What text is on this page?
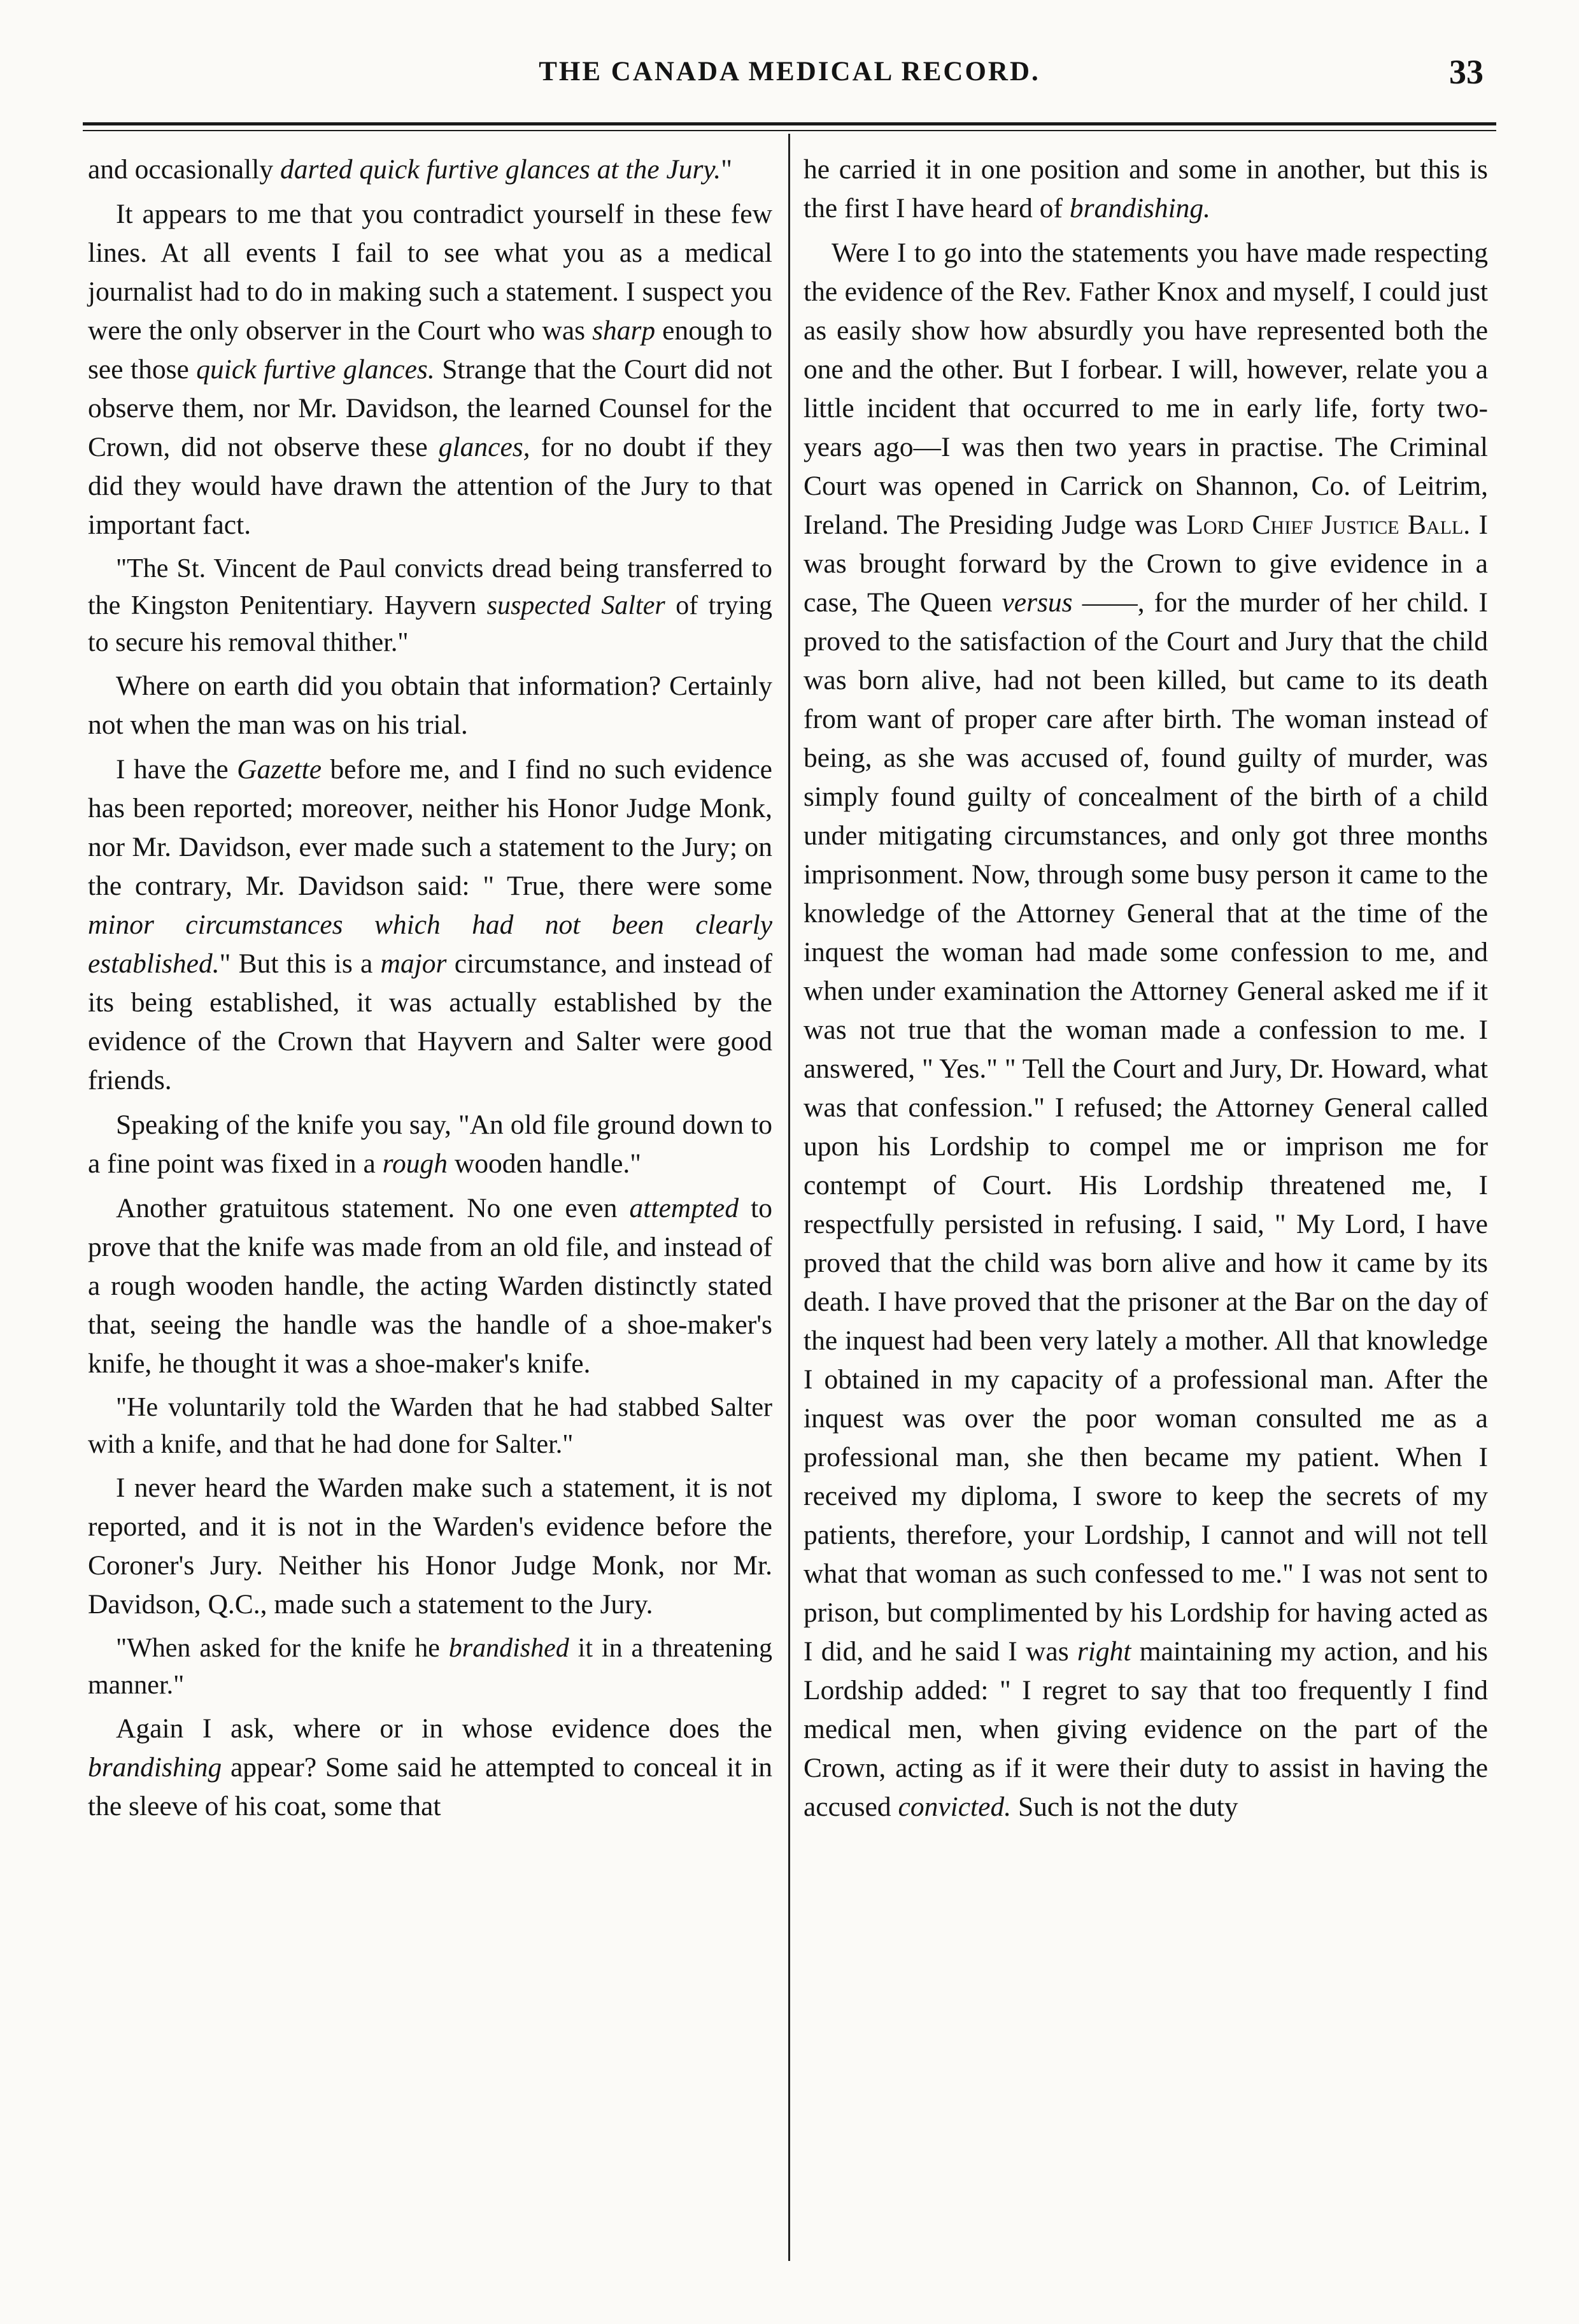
THE CANADA MEDICAL RECORD.	33

and occasionally darted quick furtive glances at the Jury."

It appears to me that you contradict yourself in these few lines. At all events I fail to see what you as a medical journalist had to do in making such a statement. I suspect you were the only observer in the Court who was sharp enough to see those quick furtive glances. Strange that the Court did not observe them, nor Mr. Davidson, the learned Counsel for the Crown, did not observe these glances, for no doubt if they did they would have drawn the attention of the Jury to that important fact.

"The St. Vincent de Paul convicts dread being transferred to the Kingston Penitentiary. Hayvern suspected Salter of trying to secure his removal thither."

Where on earth did you obtain that information? Certainly not when the man was on his trial.

I have the Gazette before me, and I find no such evidence has been reported; moreover, neither his Honor Judge Monk, nor Mr. Davidson, ever made such a statement to the Jury; on the contrary, Mr. Davidson said: " True, there were some minor circumstances which had not been clearly established." But this is a major circumstance, and instead of its being established, it was actually established by the evidence of the Crown that Hayvern and Salter were good friends.

Speaking of the knife you say, "An old file ground down to a fine point was fixed in a rough wooden handle."

Another gratuitous statement. No one even attempted to prove that the knife was made from an old file, and instead of a rough wooden handle, the acting Warden distinctly stated that, seeing the handle was the handle of a shoe-maker's knife, he thought it was a shoe-maker's knife.

"He voluntarily told the Warden that he had stabbed Salter with a knife, and that he had done for Salter."

I never heard the Warden make such a statement, it is not reported, and it is not in the Warden's evidence before the Coroner's Jury. Neither his Honor Judge Monk, nor Mr. Davidson, Q.C., made such a statement to the Jury.

"When asked for the knife he brandished it in a threatening manner."

Again I ask, where or in whose evidence does the brandishing appear? Some said he attempted to conceal it in the sleeve of his coat, some that

he carried it in one position and some in another, but this is the first I have heard of brandishing.

Were I to go into the statements you have made respecting the evidence of the Rev. Father Knox and myself, I could just as easily show how absurdly you have represented both the one and the other. But I forbear. I will, however, relate you a little incident that occurred to me in early life, forty two-years ago—I was then two years in practise. The Criminal Court was opened in Carrick on Shannon, Co. of Leitrim, Ireland. The Presiding Judge was Lord Chief Justice Ball. I was brought forward by the Crown to give evidence in a case, The Queen versus ——, for the murder of her child. I proved to the satisfaction of the Court and Jury that the child was born alive, had not been killed, but came to its death from want of proper care after birth. The woman instead of being, as she was accused of, found guilty of murder, was simply found guilty of concealment of the birth of a child under mitigating circumstances, and only got three months imprisonment. Now, through some busy person it came to the knowledge of the Attorney General that at the time of the inquest the woman had made some confession to me, and when under examination the Attorney General asked me if it was not true that the woman made a confession to me. I answered, " Yes." " Tell the Court and Jury, Dr. Howard, what was that confession." I refused; the Attorney General called upon his Lordship to compel me or imprison me for contempt of Court. His Lordship threatened me, I respectfully persisted in refusing. I said, " My Lord, I have proved that the child was born alive and how it came by its death. I have proved that the prisoner at the Bar on the day of the inquest had been very lately a mother. All that knowledge I obtained in my capacity of a professional man. After the inquest was over the poor woman consulted me as a professional man, she then became my patient. When I received my diploma, I swore to keep the secrets of my patients, therefore, your Lordship, I cannot and will not tell what that woman as such confessed to me." I was not sent to prison, but complimented by his Lordship for having acted as I did, and he said I was right maintaining my action, and his Lordship added: " I regret to say that too frequently I find medical men, when giving evidence on the part of the Crown, acting as if it were their duty to assist in having the accused convicted. Such is not the duty
